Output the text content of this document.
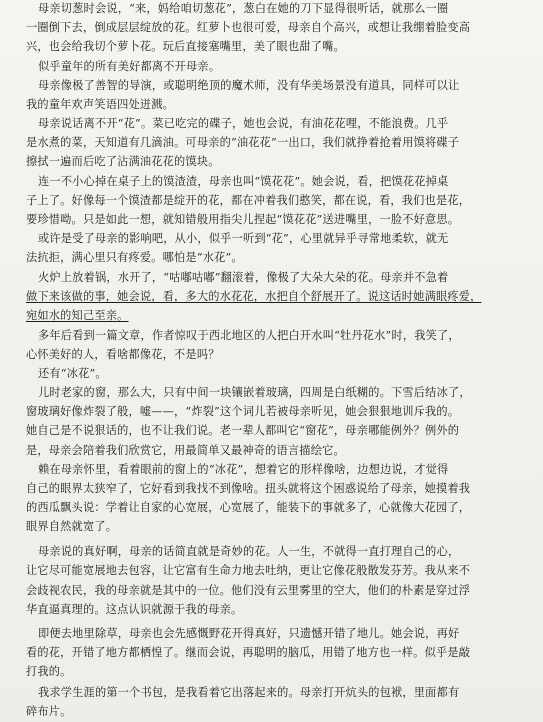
母亲切葱时会说，“来，妈给咱切葱花”，葱白在她的刀下显得很听话，就那么一圈
一圈倒下去，倒成层层绽放的花。红萝卜也很可爱，母亲自个高兴，或想让我绷着脸变高
兴，也会给我切个萝卜花。玩后直接塞嘴里，美了眼也甜了嘴。
似乎童年的所有美好都离不开母亲。
母亲像极了善智的导演，或聪明绝顶的魔术师，没有华美场景没有道具，同样可以让
我的童年欢声笑语四处迸溅。
母亲说话离不开“花”。菜已吃完的碟子，她也会说，有油花花哩，不能浪费。几乎
是水煮的菜，天知道有几滴油。可母亲的“油花花”一出口，我们就挣着抢着用馍将碟子
擦拭一遍而后吃了沾满油花花的馍块。
连一不小心掉在桌子上的馍渣渣，母亲也叫“馍花花”。她会说，看，把馍花花掉桌
子上了。好像每一个馍渣都是绽开的花，都在冲着我们憨笑，都在说，看，我们也是花，
要珍惜呦。只是如此一想，就知错般用指尖儿捏起“馍花花”送进嘴里，一脸不好意思。
或许是受了母亲的影响吧，从小，似乎一听到“花”，心里就异乎寻常地柔软，就无
法抗拒，满心里只有疼爱。哪怕是“水花”。
火炉上放着锅，水开了，“咕嘟咕嘟”翻滚着，像极了大朵大朵的花。母亲并不急着
做下来该做的事，她会说，看，多大的水花花，水把自个舒展开了。说这话时她满眼疼爱，
宛如水的知己至亲。
多年后看到一篇文章，作者惊叹于西北地区的人把白开水叫“牡丹花水”时，我笑了，
心怀美好的人，看啥都像花，不是吗？
还有“冰花”。
儿时老家的窗，那么大，只有中间一块镶嵌着玻璃，四周是白纸糊的。下雪后结冰了，
窗玻璃好像炸裂了般，嘘——，“炸裂”这个词儿若被母亲听见，她会狠狠地训斥我的。
她自己是不说狠话的，也不让我们说。老一辈人都叫它“窗花”，母亲哪能例外？例外的
是，母亲会陪着我们欣赏它，用最简单又最神奇的语言描绘它。
赖在母亲怀里，看着眼前的窗上的“冰花”，想着它的形样像啥，边想边说，才觉得
自己的眼界太狭窄了，它好看到我找不到像啥。扭头就将这个困惑说给了母亲，她摸着我
的西瓜飘头说：学着让自家的心宽展，心宽展了，能装下的事就多了，心就像大花园了，
眼界自然就宽了。
母亲说的真好啊，母亲的话简直就是奇妙的花。人一生，不就得一直打理自己的心，
让它尽可能宽展地去包容，让它富有生命力地去吐纳，更让它像花般散发芬芳。我从来不
会歧视农民，我的母亲就是其中的一位。他们没有云里雾里的空大，他们的朴素是穿过浮
华直逼真理的。这点认识就源于我的母亲。
即便去地里除草，母亲也会先感慨野花开得真好，只遗憾开错了地儿。她会说，再好
看的花，开错了地方都栖惶了。继而会说，再聪明的脑瓜，用错了地方也一样。似乎是敲
打我的。
我求学生涯的第一个书包，是我看着它出落起来的。母亲打开炕头的包袱，里面都有
碎布片。
